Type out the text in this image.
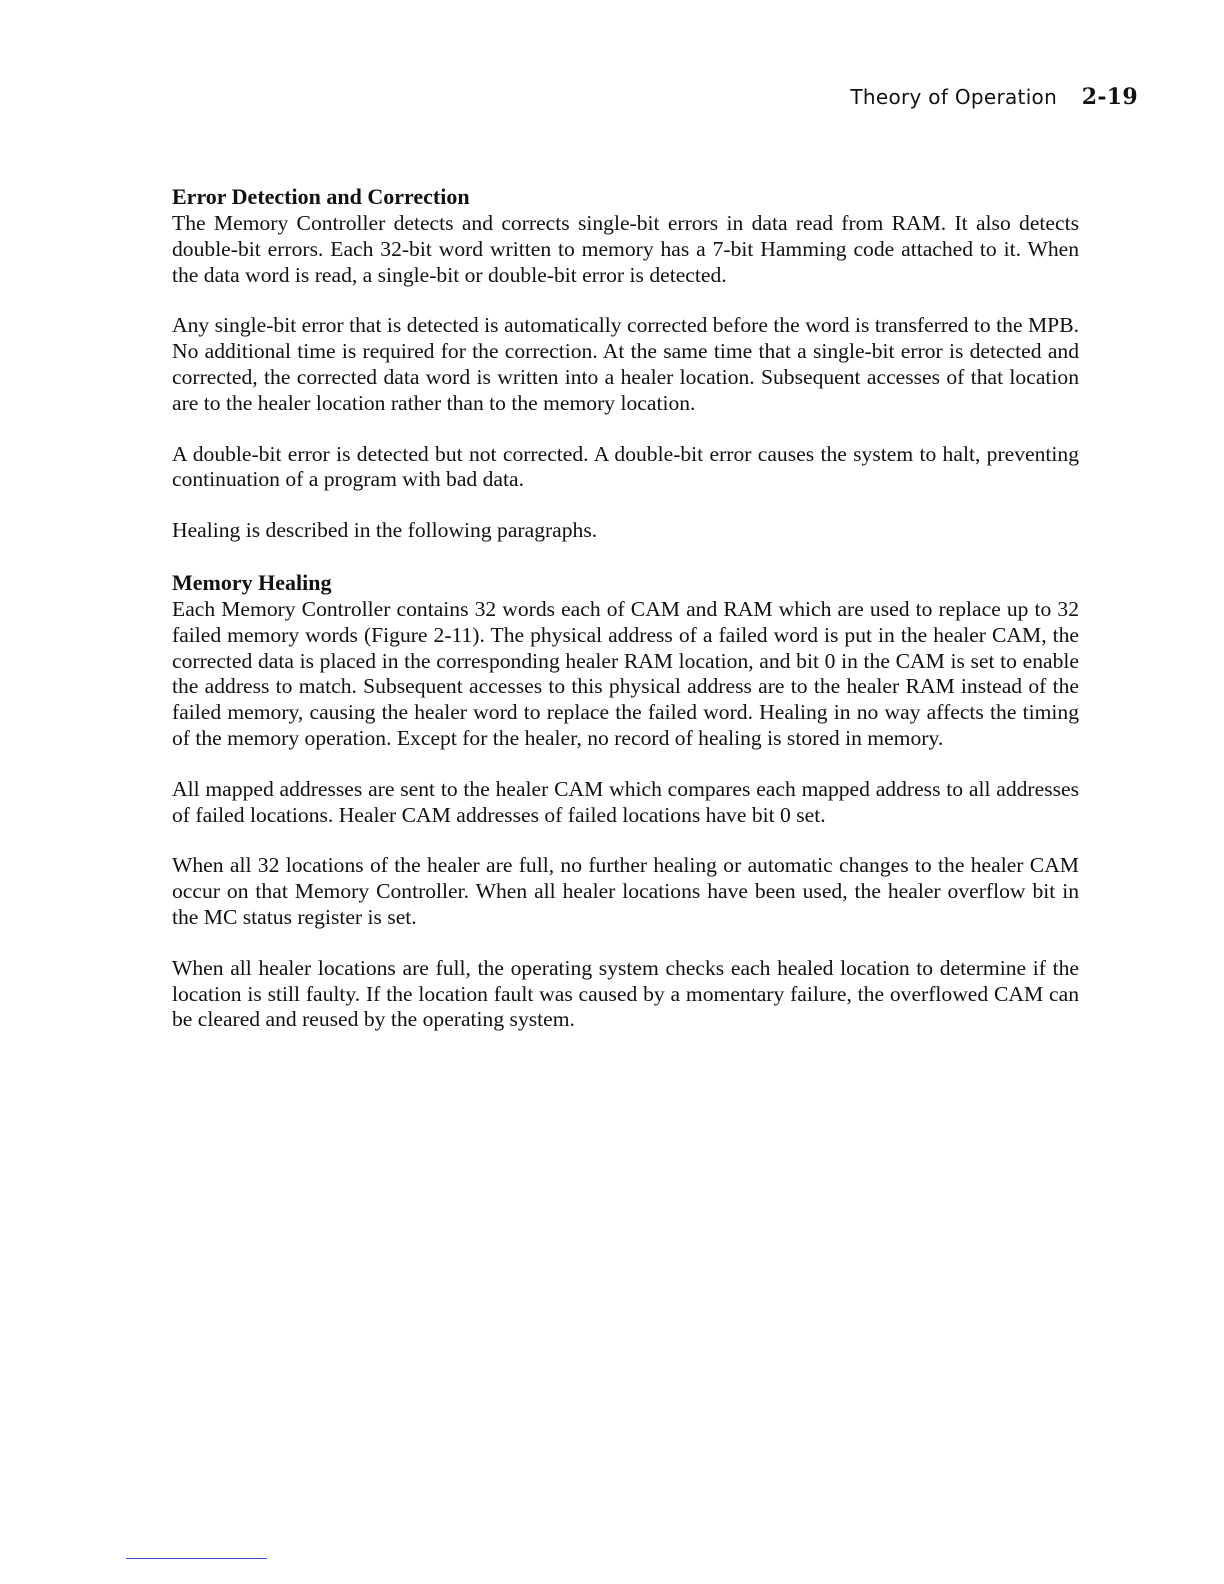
Theory of Operation 2-19
Error Detection and Correction

The Memory Controller detects and corrects single-bit errors in data read from RAM. It also detects double-bit errors. Each 32-bit word written to memory has a 7-bit Hamming code attached to it. When the data word is read, a single-bit or double-bit error is detected.

Any single-bit error that is detected is automatically corrected before the word is transferred to the MPB. No additional time is required for the correction. At the same time that a single-bit error is detected and corrected, the corrected data word is written into a healer location. Subsequent accesses of that location are to the healer location rather than to the memory location.

A double-bit error is detected but not corrected. A double-bit error causes the system to halt, preventing continuation of a program with bad data.

Healing is described in the following paragraphs.

Memory Healing

Each Memory Controller contains 32 words each of CAM and RAM which are used to replace up to 32 failed memory words (Figure 2-11). The physical address of a failed word is put in the healer CAM, the corrected data is placed in the corresponding healer RAM location, and bit 0 in the CAM is set to enable the address to match. Subsequent accesses to this physical address are to the healer RAM instead of the failed memory, causing the healer word to replace the failed word. Healing in no way affects the timing of the memory operation. Except for the healer, no record of healing is stored in memory.

All mapped addresses are sent to the healer CAM which compares each mapped address to all addresses of failed locations. Healer CAM addresses of failed locations have bit 0 set.

When all 32 locations of the healer are full, no further healing or automatic changes to the healer CAM occur on that Memory Controller. When all healer locations have been used, the healer overflow bit in the MC status register is set.

When all healer locations are full, the operating system checks each healed location to determine if the location is still faulty. If the location fault was caused by a momentary failure, the overflowed CAM can be cleared and reused by the operating system.
